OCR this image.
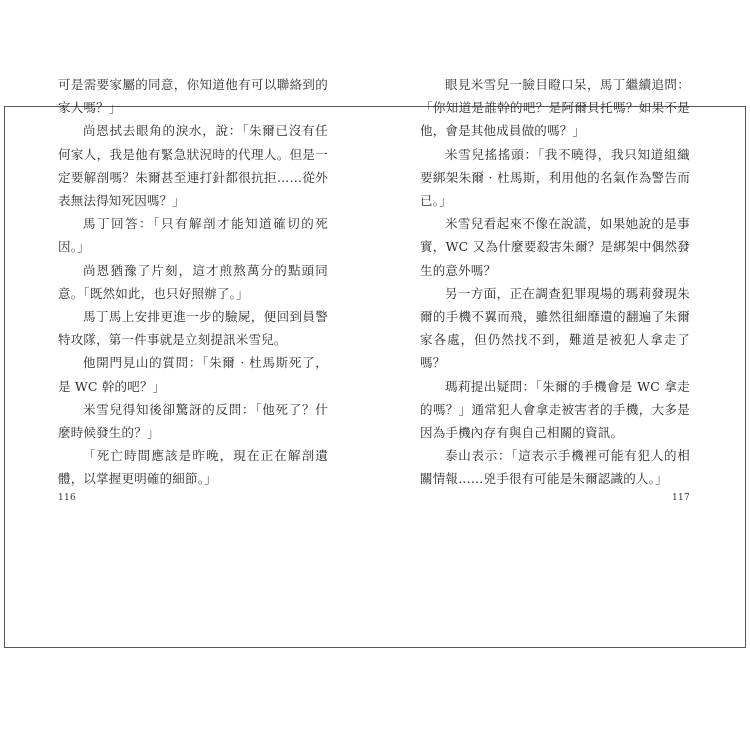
可是需要家屬的同意，你知道他有可以聯絡到的家人嗎？」

尚恩拭去眼角的淚水，說：「朱爾已沒有任何家人，我是他有緊急狀況時的代理人。但是一定要解剖嗎？朱爾甚至連打針都很抗拒……從外表無法得知死因嗎？」

馬丁回答：「只有解剖才能知道確切的死因。」

尚恩猶豫了片刻，這才煎熬萬分的點頭同意。「既然如此，也只好照辦了。」

馬丁馬上安排更進一步的驗屍，便回到員警特攻隊，第一件事就是立刻提訊米雪兒。

他開門見山的質問：「朱爾 · 杜馬斯死了，是 WC 幹的吧？」

米雪兒得知後卻驚訝的反問：「他死了？什麼時候發生的？」

「死亡時間應該是昨晚，現在正在解剖遺體，以掌握更明確的細節。」

眼見米雪兒一臉目瞪口呆，馬丁繼續追問：「你知道是誰幹的吧？是阿爾貝托嗎？如果不是他，會是其他成員做的嗎？」

米雪兒搖搖頭：「我不曉得，我只知道組織要綁架朱爾 · 杜馬斯，利用他的名氣作為警告而已。」

米雪兒看起來不像在說謊，如果她說的是事實，WC 又為什麼要殺害朱爾？是綁架中偶然發生的意外嗎？

另一方面，正在調查犯罪現場的瑪莉發現朱爾的手機不翼而飛，雖然徂細靡遺的翻遍了朱爾家各處，但仍然找不到，難道是被犯人拿走了嗎？

瑪莉提出疑問：「朱爾的手機會是 WC 拿走的嗎？」通常犯人會拿走被害者的手機，大多是因為手機內存有與自己相關的資訊。

泰山表示：「這表示手機裡可能有犯人的相關情報……兇手很有可能是朱爾認識的人。」

116	117
